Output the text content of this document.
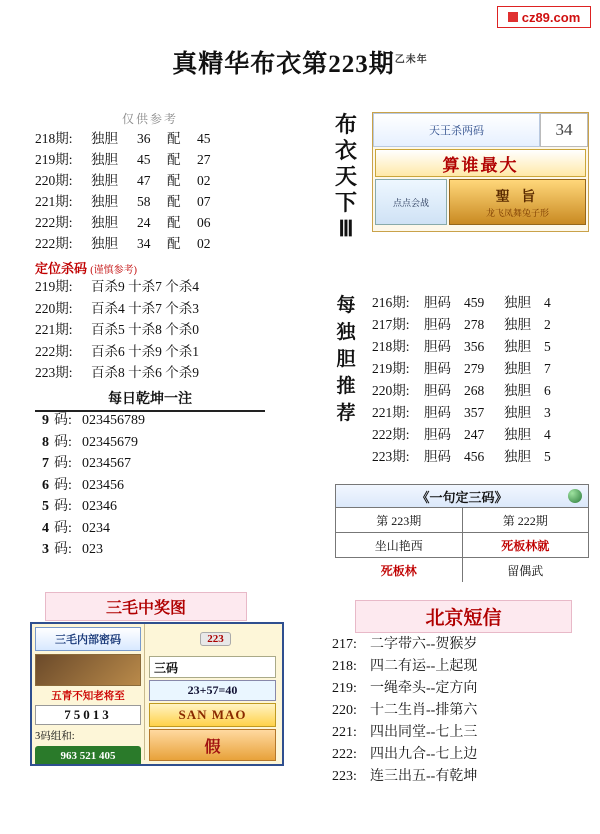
cz89.com
真精华布衣第223期$^{乙未年}$
仅供参考
218期:	独胆	36	配	45
219期:	独胆	45	配	27
220期:	独胆	47	配	02
221期:	独胆	58	配	07
222期:	独胆	24	配	06
222期:	独胆	34	配	02
定位杀码 (谨慎参考)
219期:	百杀9 十杀7 个杀4
220期:	百杀4 十杀7 个杀3
221期:	百杀5 十杀8 个杀0
222期:	百杀6 十杀9 个杀1
223期:	百杀8 十杀6 个杀9
每日乾坤一注
9 码: 023456789
8 码: 02345679
7 码: 0234567
6 码: 023456
5 码: 02346
4 码: 0234
3 码: 023
三毛中奖图
三毛内部密码
五青不知老将至
75013
3码组和:
963 521 405
223
三码
23+57=40
SAN MAO
假
布衣天下Ⅲ
天王杀两码	34
算谁最大
点点会战	聖 旨
龙飞凤舞兔子形
每独胆推荐
216期:	胆码 459	独胆 4
217期:	胆码 278	独胆 2
218期:	胆码 356	独胆 5
219期:	胆码 279	独胆 7
220期:	胆码 268	独胆 6
221期:	胆码 357	独胆 3
222期:	胆码 247	独胆 4
223期:	胆码 456	独胆 5
《一句定三码》
第 223期	第 222期
坐山艳西	死板林就
死板林	留偶武
北京短信
217: 二字带六--贺猴岁
218: 四二有运--上起现
219: 一绳牵头--定方向
220: 十二生肖--排第六
221: 四出同堂--七上三
222: 四出九合--七上边
223: 连三出五--有乾坤
